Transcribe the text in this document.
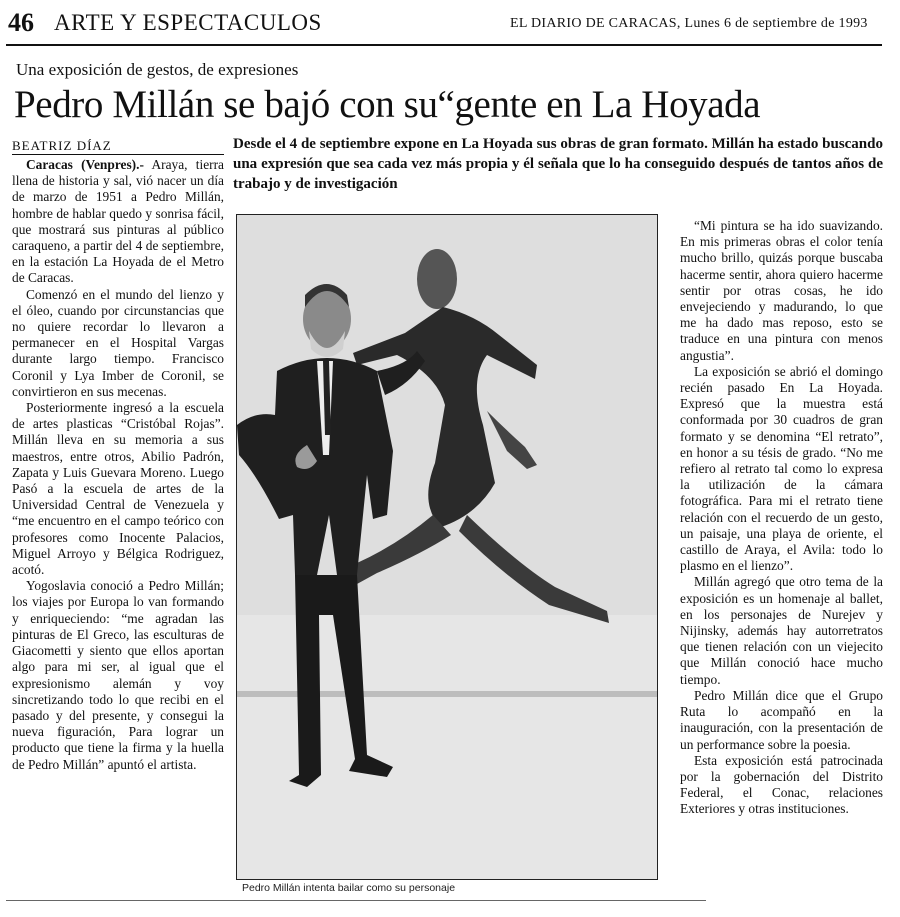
46 ARTE Y ESPECTACULOS	EL DIARIO DE CARACAS, Lunes 6 de septiembre de 1993
Una exposición de gestos, de expresiones
Pedro Millán se bajó con su“gente en La Hoyada
BEATRIZ DÍAZ	Desde el 4 de septiembre expone en La Hoyada sus obras de gran formato. Millán ha estado buscando una expresión que sea cada vez más propia y él señala que lo ha conseguido después de tantos años de trabajo y de investigación

Caracas (Venpres).- Araya, tierra llena de historia y sal, vió nacer un día de marzo de 1951 a Pedro Millán, hombre de hablar quedo y sonrisa fácil, que mostrará sus pinturas al público caraqueno, a partir del 4 de septiembre, en la estación La Hoyada de el Metro de Caracas.

Comenzó en el mundo del lienzo y el óleo, cuando por circunstancias que no quiere recordar lo llevaron a permanecer en el Hospital Vargas durante largo tiempo. Francisco Coronil y Lya Imber de Coronil, se convirtieron en sus mecenas.

Posteriormente ingresó a la escuela de artes plasticas “Cristóbal Rojas”. Millán lleva en su memoria a sus maestros, entre otros, Abilio Padrón, Zapata y Luis Guevara Moreno. Luego Pasó a la escuela de artes de la Universidad Central de Venezuela y “me encuentro en el campo teórico con profesores como Inocente Palacios, Miguel Arroyo y Bélgica Rodriguez, acotó.

Yogoslavia conoció a Pedro Millán; los viajes por Europa lo van formando y enriqueciendo: “me agradan las pinturas de El Greco, las esculturas de Giacometti y siento que ellos aportan algo para mi ser, al igual que el expresionismo alemán y voy sincretizando todo lo que recibi en el pasado y del presente, y consegui la nueva figuración, Para lograr un producto que tiene la firma y la huella de Pedro Millán” apuntó el artista.

“Mi pintura se ha ido suavizando. En mis primeras obras el color tenía mucho brillo, quizás porque buscaba hacerme sentir, ahora quiero hacerme sentir por otras cosas, he ido envejeciendo y madurando, lo que me ha dado mas reposo, esto se traduce en una pintura con menos angustia”.

La exposición se abrió el domingo recién pasado En La Hoyada. Expresó que la muestra está conformada por 30 cuadros de gran formato y se denomina “El retrato”, en honor a su tésis de grado. “No me refiero al retrato tal como lo expresa la utilización de la cámara fotográfica. Para mi el retrato tiene relación con el recuerdo de un gesto, un paisaje, una playa de oriente, el castillo de Araya, el Avila: todo lo plasmo en el lienzo”.

Millán agregó que otro tema de la exposición es un homenaje al ballet, en los personajes de Nurejev y Nijinsky, además hay autorretratos que tienen relación con un viejecito que Millán conoció hace mucho tiempo.

Pedro Millán dice que el Grupo Ruta lo acompañó en la inauguración, con la presentación de un performance sobre la poesia.

Esta exposición está patrocinada por la gobernación del Distrito Federal, el Conac, relaciones Exteriores y otras instituciones.

Pedro Millán intenta bailar como su personaje
